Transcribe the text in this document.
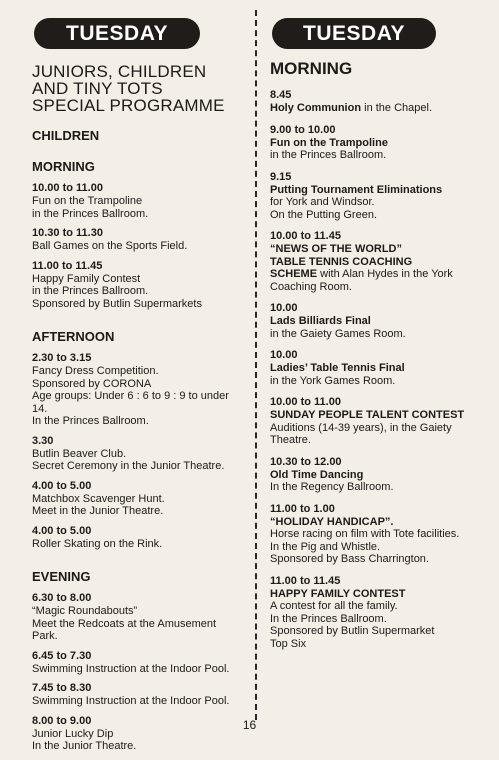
TUESDAY
JUNIORS, CHILDREN
AND TINY TOTS
SPECIAL PROGRAMME
CHILDREN
MORNING
10.00 to 11.00
Fun on the Trampoline
in the Princes Ballroom.
10.30 to 11.30
Ball Games on the Sports Field.
11.00 to 11.45
Happy Family Contest
in the Princes Ballroom.
Sponsored by Butlin Supermarkets
AFTERNOON
2.30 to 3.15
Fancy Dress Competition.
Sponsored by CORONA
Age groups: Under 6 : 6 to 9 : 9 to under
14.
In the Princes Ballroom.
3.30
Butlin Beaver Club.
Secret Ceremony in the Junior Theatre.
4.00 to 5.00
Matchbox Scavenger Hunt.
Meet in the Junior Theatre.
4.00 to 5.00
Roller Skating on the Rink.
EVENING
6.30 to 8.00
“Magic Roundabouts”
Meet the Redcoats at the Amusement
Park.
6.45 to 7.30
Swimming Instruction at the Indoor Pool.
7.45 to 8.30
Swimming Instruction at the Indoor Pool.
8.00 to 9.00
Junior Lucky Dip
In the Junior Theatre.
TUESDAY
MORNING
8.45
Holy Communion in the Chapel.
9.00 to 10.00
Fun on the Trampoline
in the Princes Ballroom.
9.15
Putting Tournament Eliminations
for York and Windsor.
On the Putting Green.
10.00 to 11.45
“NEWS OF THE WORLD”
TABLE TENNIS COACHING
SCHEME with Alan Hydes in the York
Coaching Room.
10.00
Lads Billiards Final
in the Gaiety Games Room.
10.00
Ladies’ Table Tennis Final
in the York Games Room.
10.00 to 11.00
SUNDAY PEOPLE TALENT CONTEST
Auditions (14-39 years), in the Gaiety
Theatre.
10.30 to 12.00
Old Time Dancing
In the Regency Ballroom.
11.00 to 1.00
“HOLIDAY HANDICAP”.
Horse racing on film with Tote facilities.
In the Pig and Whistle.
Sponsored by Bass Charrington.
11.00 to 11.45
HAPPY FAMILY CONTEST
A contest for all the family.
In the Princes Ballroom.
Sponsored by Butlin Supermarket
Top Six
16
